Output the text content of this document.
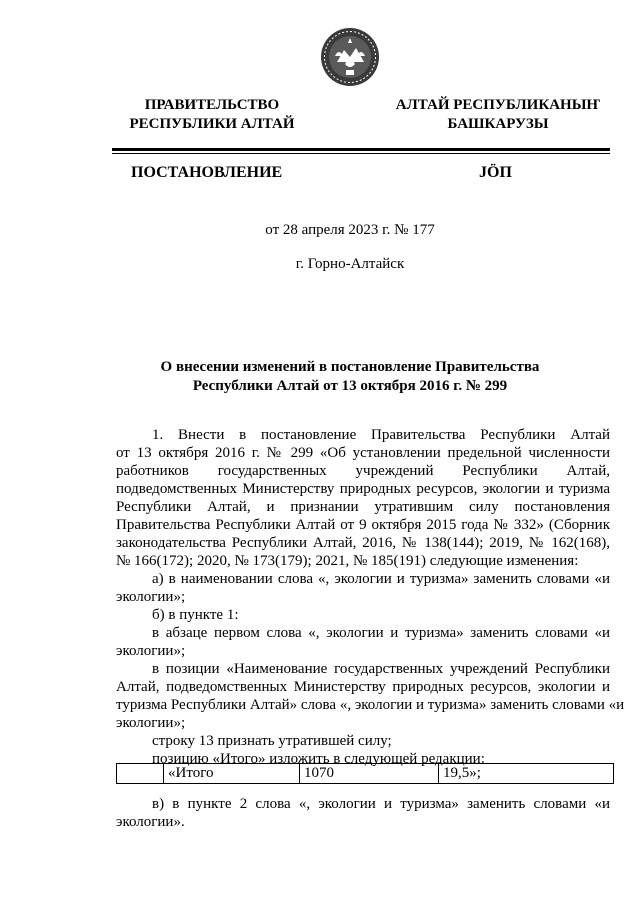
ПРАВИТЕЛЬСТВО
РЕСПУБЛИКИ АЛТАЙ
АЛТАЙ РЕСПУБЛИКАНЫҤ
БАШКАРУЗЫ
ПОСТАНОВЛЕНИЕ	JӦП
от 28 апреля 2023 г. № 177
г. Горно-Алтайск
О внесении изменений в постановление Правительства
Республики Алтай от 13 октября 2016 г. № 299
1. Внести в постановление Правительства Республики Алтай
от 13 октября 2016 г. № 299 «Об установлении предельной численности
работников государственных учреждений Республики Алтай,
подведомственных Министерству природных ресурсов, экологии и туризма
Республики Алтай, и признании утратившим силу постановления
Правительства Республики Алтай от 9 октября 2015 года № 332» (Сборник
законодательства Республики Алтай, 2016, № 138(144); 2019, № 162(168),
№ 166(172); 2020, № 173(179); 2021, № 185(191) следующие изменения:
а) в наименовании слова «, экологии и туризма» заменить словами «и
экологии»;
б) в пункте 1:
в абзаце первом слова «, экологии и туризма» заменить словами «и
экологии»;
в позиции «Наименование государственных учреждений Республики
Алтай, подведомственных Министерству природных ресурсов, экологии и
туризма Республики Алтай» слова «, экологии и туризма» заменить словами «и
экологии»;
строку 13 признать утратившей силу;
позицию «Итого» изложить в следующей редакции:
	«Итого	1070	19,5»;
в) в пункте 2 слова «, экологии и туризма» заменить словами «и
экологии».
